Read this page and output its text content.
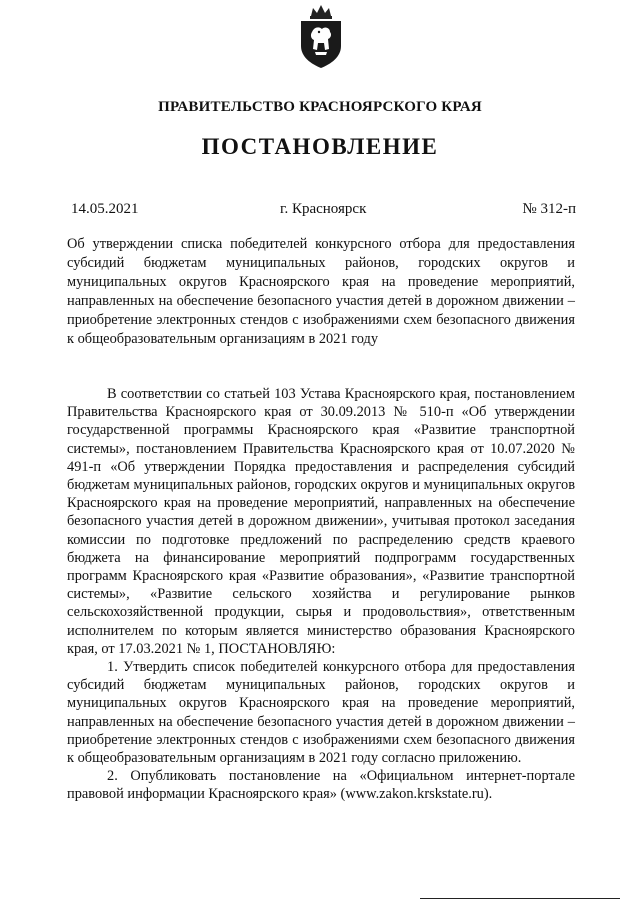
ПРАВИТЕЛЬСТВО КРАСНОЯРСКОГО КРАЯ
ПОСТАНОВЛЕНИЕ
14.05.2021	г. Красноярск	№ 312-п
Об утверждении списка победителей конкурсного отбора для предоставления субсидий бюджетам муниципальных районов, городских округов и муниципальных округов Красноярского края на проведение мероприятий, направленных на обеспечение безопасного участия детей в дорожном движении – приобретение электронных стендов с изображениями схем безопасного движения к общеобразовательным организациям в 2021 году

В соответствии со статьей 103 Устава Красноярского края, постановлением Правительства Красноярского края от 30.09.2013 № 510-п «Об утверждении государственной программы Красноярского края «Развитие транспортной системы», постановлением Правительства Красноярского края от 10.07.2020 № 491-п «Об утверждении Порядка предоставления и распределения субсидий бюджетам муниципальных районов, городских округов и муниципальных округов Красноярского края на проведение мероприятий, направленных на обеспечение безопасного участия детей в дорожном движении», учитывая протокол заседания комиссии по подготовке предложений по распределению средств краевого бюджета на финансирование мероприятий подпрограмм государственных программ Красноярского края «Развитие образования», «Развитие транспортной системы», «Развитие сельского хозяйства и регулирование рынков сельскохозяйственной продукции, сырья и продовольствия», ответственным исполнителем по которым является министерство образования Красноярского края, от 17.03.2021 № 1, ПОСТАНОВЛЯЮ:

1. Утвердить список победителей конкурсного отбора для предоставления субсидий бюджетам муниципальных районов, городских округов и муниципальных округов Красноярского края на проведение мероприятий, направленных на обеспечение безопасного участия детей в дорожном движении – приобретение электронных стендов с изображениями схем безопасного движения к общеобразовательным организациям в 2021 году согласно приложению.

2. Опубликовать постановление на «Официальном интернет-портале правовой информации Красноярского края» (www.zakon.krskstate.ru).
